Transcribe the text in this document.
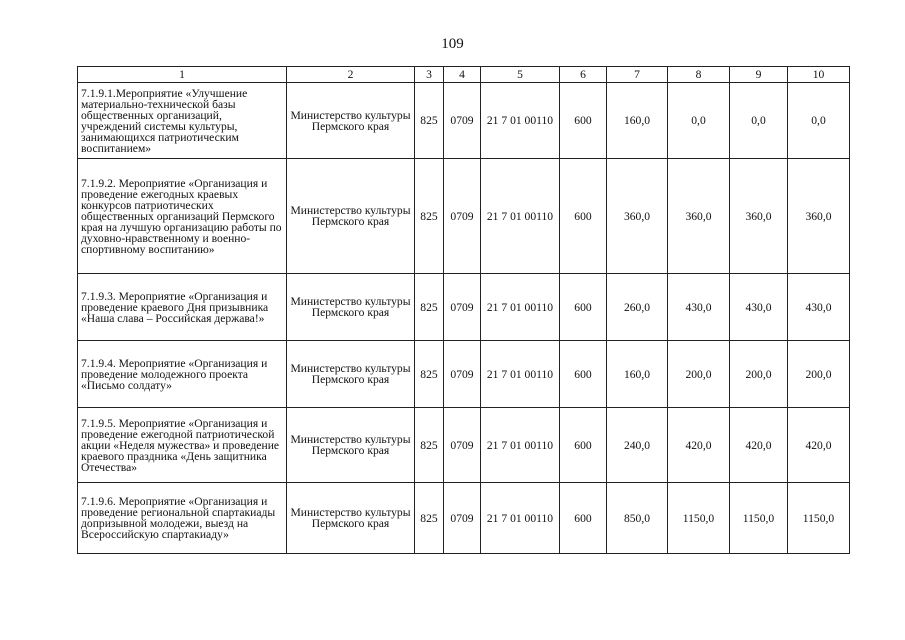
109
1	2	3	4	5	6	7	8	9	10
7.1.9.1.Мероприятие «Улучшение материально-технической базы общественных организаций, учреждений системы культуры, занимающихся патриотическим воспитанием»	Министерство культуры Пермского края	825	0709	21 7 01 00110	600	160,0	0,0	0,0	0,0
7.1.9.2. Мероприятие «Организация и проведение ежегодных краевых конкурсов патриотических общественных организаций Пермского края на лучшую организацию работы по духовно-нравственному и военно-спортивному воспитанию»	Министерство культуры Пермского края	825	0709	21 7 01 00110	600	360,0	360,0	360,0	360,0
7.1.9.3. Мероприятие «Организация и проведение краевого Дня призывника «Наша слава – Российская держава!»	Министерство культуры Пермского края	825	0709	21 7 01 00110	600	260,0	430,0	430,0	430,0
7.1.9.4. Мероприятие «Организация и проведение молодежного проекта «Письмо солдату»	Министерство культуры Пермского края	825	0709	21 7 01 00110	600	160,0	200,0	200,0	200,0
7.1.9.5. Мероприятие «Организация и проведение ежегодной патриотической акции «Неделя мужества» и проведение краевого праздника «День защитника Отечества»	Министерство культуры Пермского края	825	0709	21 7 01 00110	600	240,0	420,0	420,0	420,0
7.1.9.6. Мероприятие «Организация и проведение региональной спартакиады допризывной молодежи, выезд на Всероссийскую спартакиаду»	Министерство культуры Пермского края	825	0709	21 7 01 00110	600	850,0	1150,0	1150,0	1150,0
